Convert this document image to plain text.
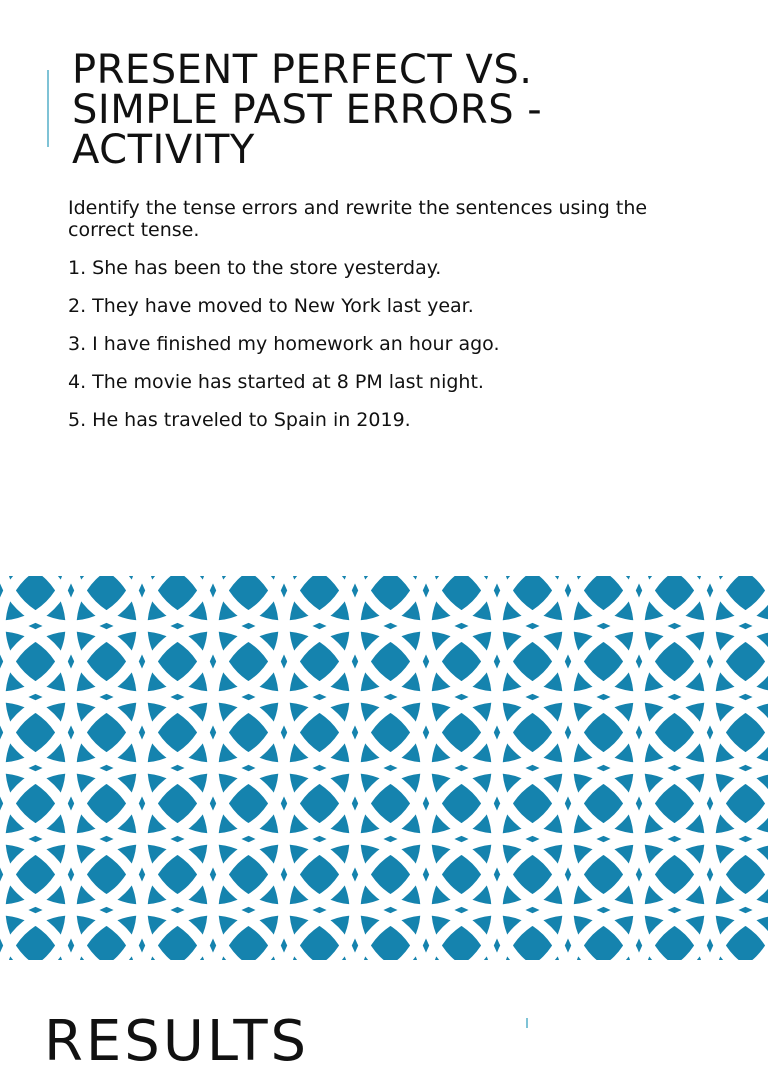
PRESENT PERFECT VS.
SIMPLE PAST ERRORS -
ACTIVITY

Identify the tense errors and rewrite the sentences using the correct tense.

1. She has been to the store yesterday.

2. They have moved to New York last year.

3. I have finished my homework an hour ago.

4. The movie has started at 8 PM last night.

5. He has traveled to Spain in 2019.

RESULTS
